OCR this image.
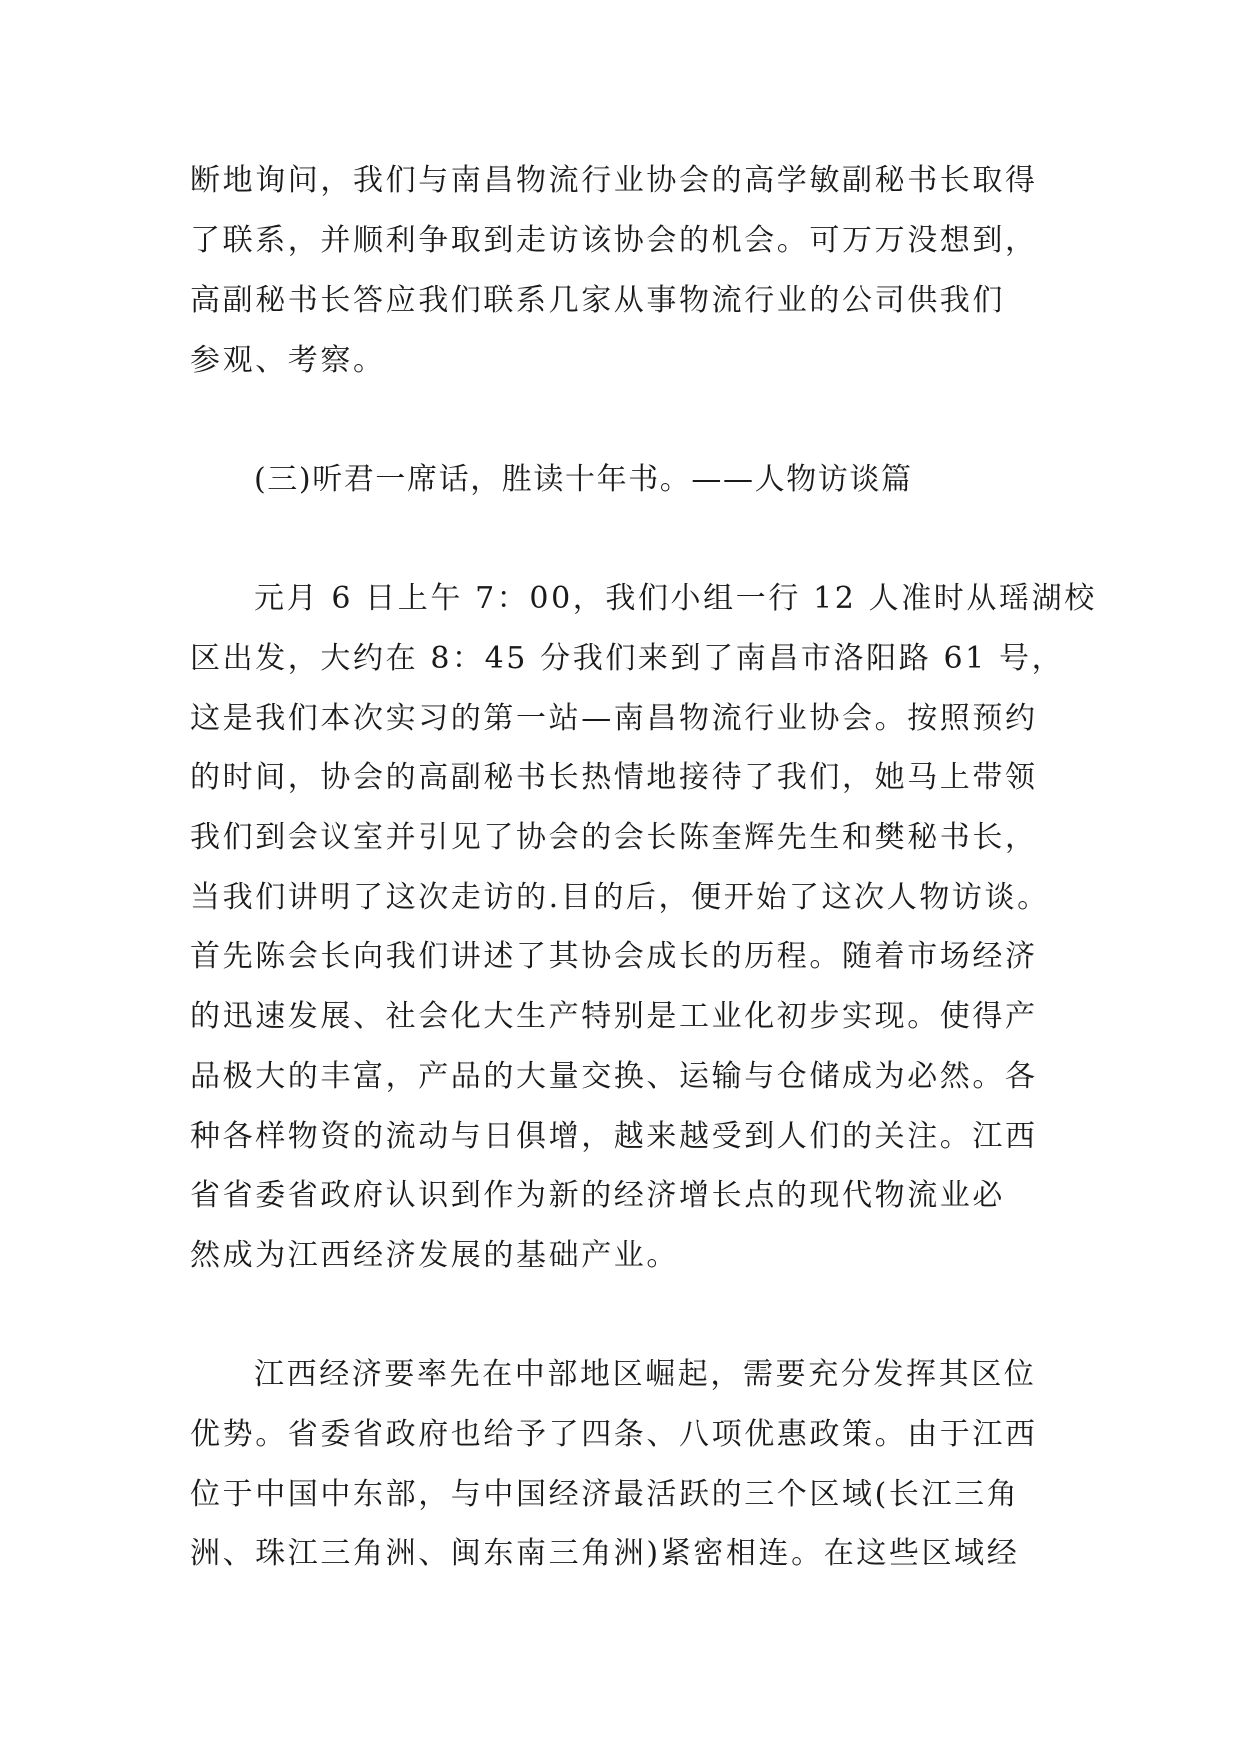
断地询问，我们与南昌物流行业协会的高学敏副秘书长取得
了联系，并顺利争取到走访该协会的机会。可万万没想到，
高副秘书长答应我们联系几家从事物流行业的公司供我们
参观、考察。
(三)听君一席话，胜读十年书。——人物访谈篇
元月 6 日上午 7：00，我们小组一行 12 人准时从瑶湖校
区出发，大约在 8：45 分我们来到了南昌市洛阳路 61 号，
这是我们本次实习的第一站—南昌物流行业协会。按照预约
的时间，协会的高副秘书长热情地接待了我们，她马上带领
我们到会议室并引见了协会的会长陈奎辉先生和樊秘书长，
当我们讲明了这次走访的.目的后，便开始了这次人物访谈。
首先陈会长向我们讲述了其协会成长的历程。随着市场经济
的迅速发展、社会化大生产特别是工业化初步实现。使得产
品极大的丰富，产品的大量交换、运输与仓储成为必然。各
种各样物资的流动与日俱增，越来越受到人们的关注。江西
省省委省政府认识到作为新的经济增长点的现代物流业必
然成为江西经济发展的基础产业。
江西经济要率先在中部地区崛起，需要充分发挥其区位
优势。省委省政府也给予了四条、八项优惠政策。由于江西
位于中国中东部，与中国经济最活跃的三个区域(长江三角
洲、珠江三角洲、闽东南三角洲)紧密相连。在这些区域经
